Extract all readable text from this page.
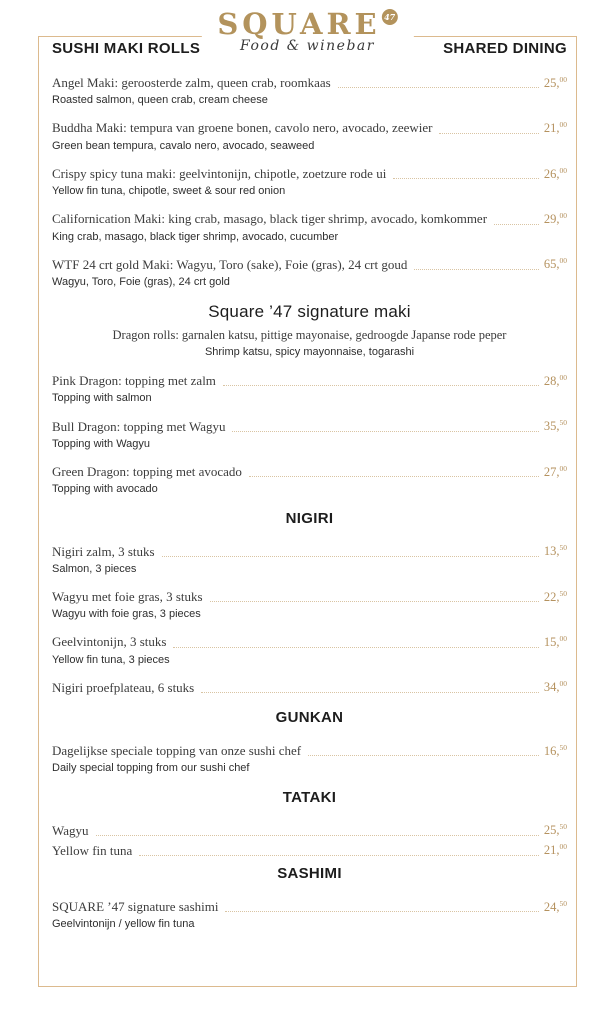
SQUARE 47
Food & winebar
SUSHI MAKI ROLLS	SHARED DINING
Angel Maki: geroosterde zalm, queen crab, roomkaas	25,00
Roasted salmon, queen crab, cream cheese
Buddha Maki: tempura van groene bonen, cavolo nero, avocado, zeewier	21,00
Green bean tempura, cavalo nero, avocado, seaweed
Crispy spicy tuna maki: geelvintonijn, chipotle, zoetzure rode ui	26,00
Yellow fin tuna, chipotle, sweet & sour red onion
Californication Maki: king crab, masago, black tiger shrimp, avocado, komkommer	29,00
King crab, masago, black tiger shrimp, avocado, cucumber
WTF 24 crt gold Maki: Wagyu, Toro (sake), Foie (gras), 24 crt goud	65,00
Wagyu, Toro, Foie (gras), 24 crt gold
Square ’47 signature maki
Dragon rolls: garnalen katsu, pittige mayonaise, gedroogde Japanse rode peper
Shrimp katsu, spicy mayonnaise, togarashi
Pink Dragon: topping met zalm	28,00
Topping with salmon
Bull Dragon: topping met Wagyu	35,50
Topping with Wagyu
Green Dragon: topping met avocado	27,00
Topping with avocado
NIGIRI
Nigiri zalm, 3 stuks	13,50
Salmon, 3 pieces
Wagyu met foie gras, 3 stuks	22,50
Wagyu with foie gras, 3 pieces
Geelvintonijn, 3 stuks	15,00
Yellow fin tuna, 3 pieces
Nigiri proefplateau, 6 stuks	34,00
GUNKAN
Dagelijkse speciale topping van onze sushi chef	16,50
Daily special topping from our sushi chef
TATAKI
Wagyu	25,50
Yellow fin tuna	21,00
SASHIMI
SQUARE ’47 signature sashimi	24,50
Geelvintonijn / yellow fin tuna
